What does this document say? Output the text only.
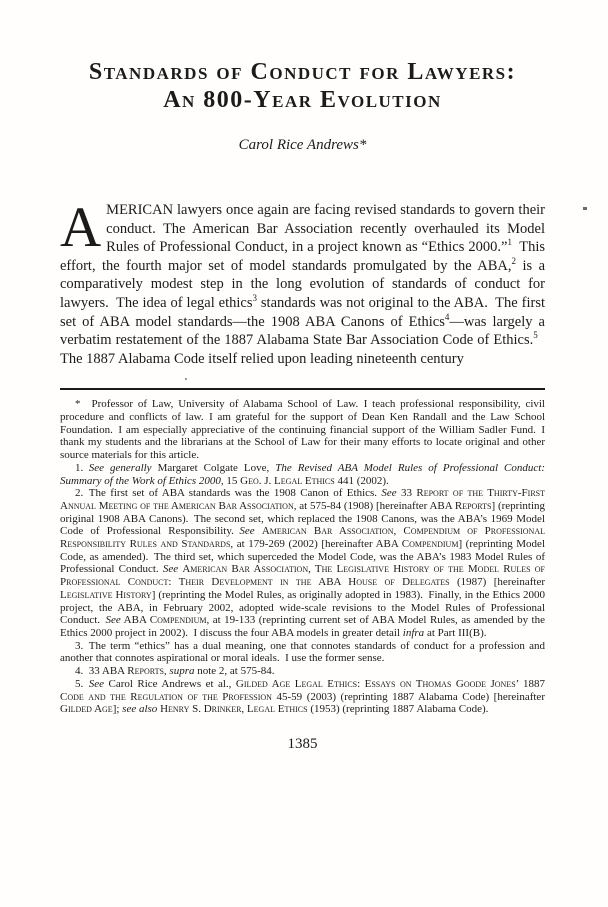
Standards of Conduct for Lawyers:
An 800-Year Evolution
Carol Rice Andrews*
AMERICAN lawyers once again are facing revised standards to govern their conduct. The American Bar Association recently overhauled its Model Rules of Professional Conduct, in a project known as “Ethics 2000.”$^1$ This effort, the fourth major set of model standards promulgated by the ABA,$^2$ is a comparatively modest step in the long evolution of standards of conduct for lawyers. The idea of legal ethics$^3$ standards was not original to the ABA. The first set of ABA model standards—the 1908 ABA Canons of Ethics$^4$—was largely a verbatim restatement of the 1887 Alabama State Bar Association Code of Ethics.$^5$ The 1887 Alabama Code itself relied upon leading nineteenth century

* Professor of Law, University of Alabama School of Law. I teach professional responsibility, civil procedure and conflicts of law. I am grateful for the support of Dean Ken Randall and the Law School Foundation. I am especially appreciative of the continuing financial support of the William Sadler Fund. I thank my students and the librarians at the School of Law for their many efforts to locate original and other source materials for this article.

1. See generally Margaret Colgate Love, The Revised ABA Model Rules of Professional Conduct: Summary of the Work of Ethics 2000, 15 Geo. J. Legal Ethics 441 (2002).

2. The first set of ABA standards was the 1908 Canon of Ethics. See 33 Report of the Thirty-First Annual Meeting of the American Bar Association, at 575-84 (1908) [hereinafter ABA Reports] (reprinting original 1908 ABA Canons). The second set, which replaced the 1908 Canons, was the ABA’s 1969 Model Code of Professional Responsibility. See American Bar Association, Compendium of Professional Responsibility Rules and Standards, at 179-269 (2002) [hereinafter ABA Compendium] (reprinting Model Code, as amended). The third set, which superceded the Model Code, was the ABA’s 1983 Model Rules of Professional Conduct. See American Bar Association, The Legislative History of the Model Rules of Professional Conduct: Their Development in the ABA House of Delegates (1987) [hereinafter Legislative History] (reprinting the Model Rules, as originally adopted in 1983). Finally, in the Ethics 2000 project, the ABA, in February 2002, adopted wide-scale revisions to the Model Rules of Professional Conduct. See ABA Compendium, at 19-133 (reprinting current set of ABA Model Rules, as amended by the Ethics 2000 project in 2002). I discuss the four ABA models in greater detail infra at Part III(B).

3. The term “ethics” has a dual meaning, one that connotes standards of conduct for a profession and another that connotes aspirational or moral ideals. I use the former sense.

4. 33 ABA Reports, supra note 2, at 575-84.

5. See Carol Rice Andrews et al., Gilded Age Legal Ethics: Essays on Thomas Goode Jones’ 1887 Code and the Regulation of the Profession 45-59 (2003) (reprinting 1887 Alabama Code) [hereinafter Gilded Age]; see also Henry S. Drinker, Legal Ethics (1953) (reprinting 1887 Alabama Code).

1385
